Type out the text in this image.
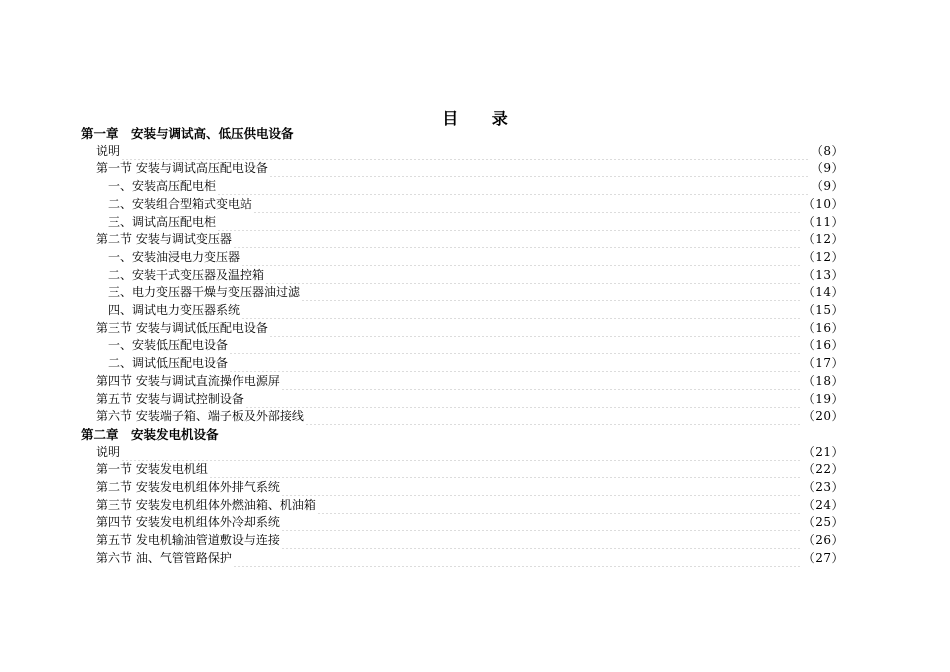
目 录
第一章　安装与调试高、低压供电设备
说明	（8）
第一节 安装与调试高压配电设备	（9）
一、安装高压配电柜	（9）
二、安装组合型箱式变电站	（10）
三、调试高压配电柜	（11）
第二节 安装与调试变压器	（12）
一、安装油浸电力变压器	（12）
二、安装干式变压器及温控箱	（13）
三、电力变压器干燥与变压器油过滤	（14）
四、调试电力变压器系统	（15）
第三节 安装与调试低压配电设备	（16）
一、安装低压配电设备	（16）
二、调试低压配电设备	（17）
第四节 安装与调试直流操作电源屏	（18）
第五节 安装与调试控制设备	（19）
第六节 安装端子箱、端子板及外部接线	（20）
第二章　安装发电机设备
说明	（21）
第一节 安装发电机组	（22）
第二节 安装发电机组体外排气系统	（23）
第三节 安装发电机组体外燃油箱、机油箱	（24）
第四节 安装发电机组体外冷却系统	（25）
第五节 发电机输油管道敷设与连接	（26）
第六节 油、气管管路保护	（27）
